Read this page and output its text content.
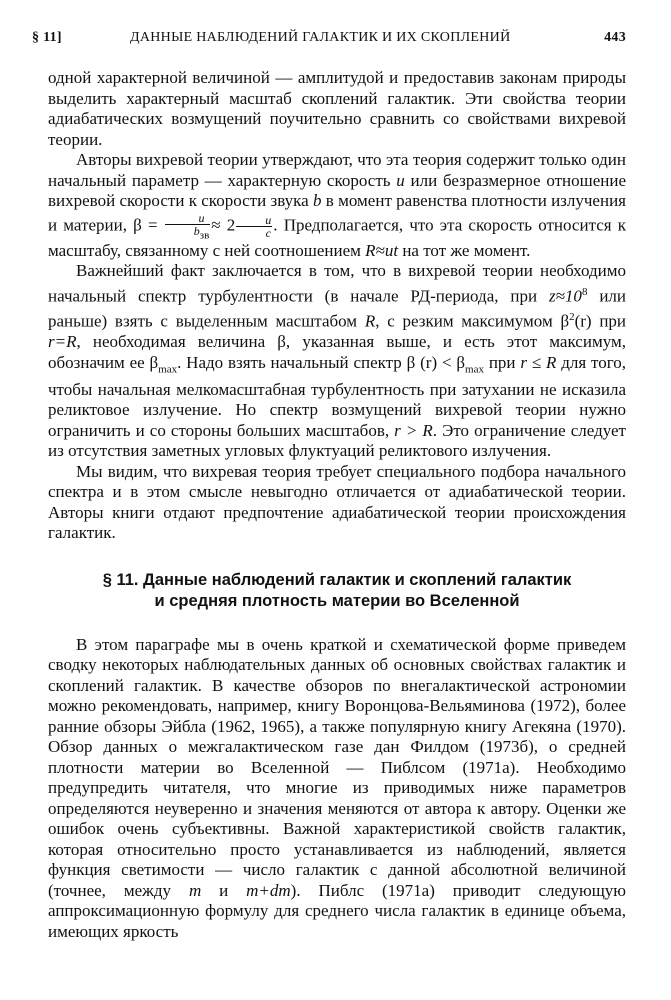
§ 11]	ДАННЫЕ НАБЛЮДЕНИЙ ГАЛАКТИК И ИХ СКОПЛЕНИЙ	443

одной характерной величиной — амплитудой и предоставив законам природы выделить характерный масштаб скоплений галактик. Эти свойства теории адиабатических возмущений поучительно сравнить со свойствами вихревой теории.

Авторы вихревой теории утверждают, что эта теория содержит только один начальный параметр — характерную скорость u или безразмерное отношение вихревой скорости к скорости звука b в момент равенства плотности излучения и материи, $\beta = \frac{u}{b_{зв}} \approx 2 \frac{u}{c}$ . Предполагается, что эта скорость относится к масштабу, связанному с ней соотношением R≈ut на тот же момент.

Важнейший факт заключается в том, что в вихревой теории необходимо начальный спектр турбулентности (в начале РД-периода, при $z\approx 10^8$ или раньше) взять с выделенным масштабом R, с резким максимумом $\beta^2(r)$ при r=R, необходимая величина β, указанная выше, и есть этот максимум, обозначим ее $\beta_{max}$. Надо взять начальный спектр β $(r) < \beta_{max}$ при r ≤ R для того, чтобы начальная мелкомасштабная турбулентность при затухании не исказила реликтовое излучение. Но спектр возмущений вихревой теории нужно ограничить и со стороны больших масштабов, r > R. Это ограничение следует из отсутствия заметных угловых флуктуаций реликтового излучения.

Мы видим, что вихревая теория требует специального подбора начального спектра и в этом смысле невыгодно отличается от адиабатической теории. Авторы книги отдают предпочтение адиабатической теории происхождения галактик.

§ 11. Данные наблюдений галактик и скоплений галактик
и средняя плотность материи во Вселенной

В этом параграфе мы в очень краткой и схематической форме приведем сводку некоторых наблюдательных данных об основных свойствах галактик и скоплений галактик. В качестве обзоров по внегалактической астрономии можно рекомендовать, например, книгу Воронцова-Вельяминова (1972), более ранние обзоры Эйбла (1962, 1965), а также популярную книгу Агекяна (1970). Обзор данных о межгалактическом газе дан Филдом (1973б), о средней плотности материи во Вселенной — Пиблсом (1971а). Необходимо предупредить читателя, что многие из приводимых ниже параметров определяются неуверенно и значения меняются от автора к автору. Оценки же ошибок очень субъективны. Важной характеристикой свойств галактик, которая относительно просто устанавливается из наблюдений, является функция светимости — число галактик с данной абсолютной величиной (точнее, между m и m+dm). Пиблс (1971а) приводит следующую аппроксимационную формулу для среднего числа галактик в единице объема, имеющих яркость
